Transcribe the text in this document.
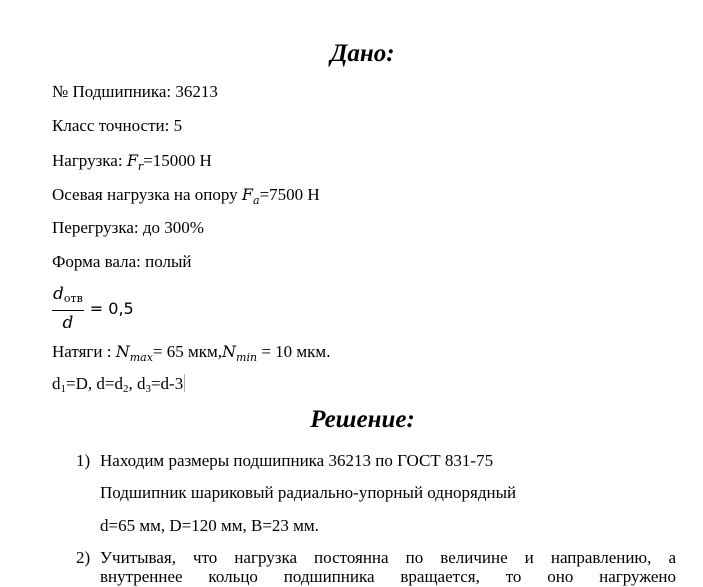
Дано:
№ Подшипника: 36213
Класс точности: 5
Нагрузка: $F_r=15000$ Н
Осевая нагрузка на опору $F_a=7500$ Н
Перегрузка: до 300%
Форма вала: полый
$\frac{d_{отв}}{d} = 0,5$
Натяги : $N_{max}= 65$ $мкм,N_{min} = 10$ мкм.
$d_1=D$, $d=d_2$, $d_3=d-3$
Решение:
1) Находим размеры подшипника 36213 по ГОСТ 831-75
Подшипник шариковый радиально-упорный однорядный
d=65 мм, D=120 мм, B=23 мм.
2) Учитывая, что нагрузка постоянна по величине и направлению, а
внутреннее кольцо подшипника вращается, то оно нагружено
